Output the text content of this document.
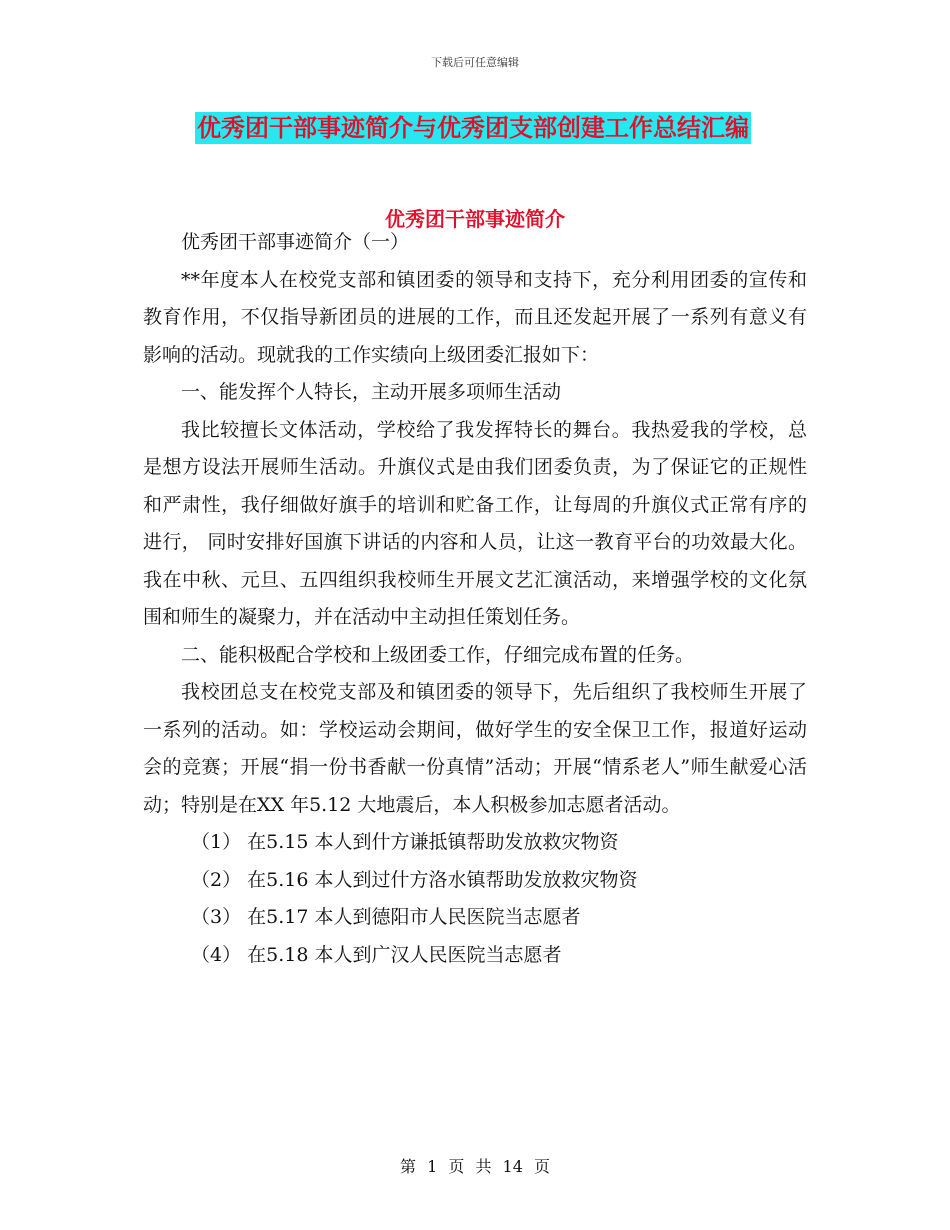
下载后可任意编辑
优秀团干部事迹简介与优秀团支部创建工作总结汇编
优秀团干部事迹简介

优秀团干部事迹简介（一）

**年度本人在校党支部和镇团委的领导和支持下，充分利用团委的宣传和教育作用，不仅指导新团员的进展的工作，而且还发起开展了一系列有意义有影响的活动。现就我的工作实绩向上级团委汇报如下：

一、能发挥个人特长，主动开展多项师生活动

我比较擅长文体活动，学校给了我发挥特长的舞台。我热爱我的学校，总是想方设法开展师生活动。升旗仪式是由我们团委负责，为了保证它的正规性和严肃性，我仔细做好旗手的培训和贮备工作，让每周的升旗仪式正常有序的进行， 同时安排好国旗下讲话的内容和人员，让这一教育平台的功效最大化。我在中秋、元旦、五四组织我校师生开展文艺汇演活动，来增强学校的文化氛围和师生的凝聚力，并在活动中主动担任策划任务。

二、能积极配合学校和上级团委工作，仔细完成布置的任务。

我校团总支在校党支部及和镇团委的领导下，先后组织了我校师生开展了一系列的活动。如：学校运动会期间，做好学生的安全保卫工作，报道好运动会的竞赛；开展“捐一份书香献一份真情”活动；开展“情系老人”师生献爱心活动；特别是在XX 年5.12 大地震后，本人积极参加志愿者活动。

（1） 在5.15 本人到什方谦抵镇帮助发放救灾物资

（2） 在5.16 本人到过什方洛水镇帮助发放救灾物资

（3） 在5.17 本人到德阳市人民医院当志愿者

（4） 在5.18 本人到广汉人民医院当志愿者

第 1 页 共 14 页
